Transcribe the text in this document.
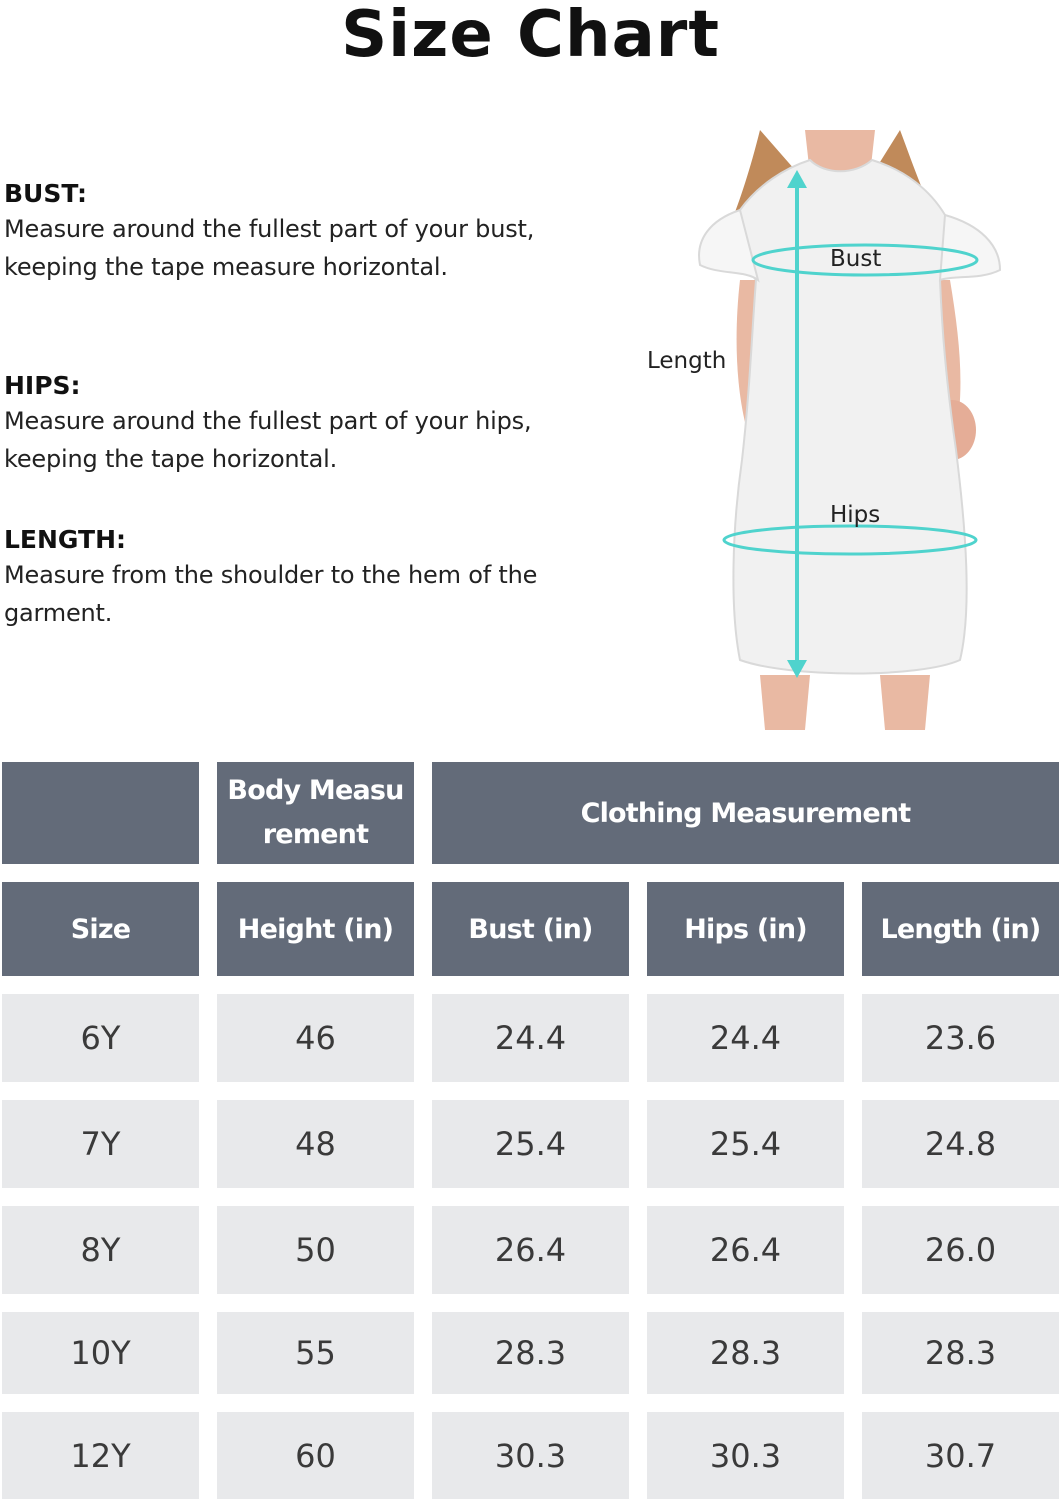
Size Chart
BUST:
Measure around the fullest part of your bust, keeping the tape measure horizontal.
HIPS:
Measure around the fullest part of your hips, keeping the tape horizontal.
LENGTH:
Measure from the shoulder to the hem of the garment.
Bust
Length
Hips
Body Measurement
Clothing Measurement
Size	Height (in)	Bust (in)	Hips (in)	Length (in)
6Y	46	24.4	24.4	23.6
7Y	48	25.4	25.4	24.8
8Y	50	26.4	26.4	26.0
10Y	55	28.3	28.3	28.3
12Y	60	30.3	30.3	30.7
